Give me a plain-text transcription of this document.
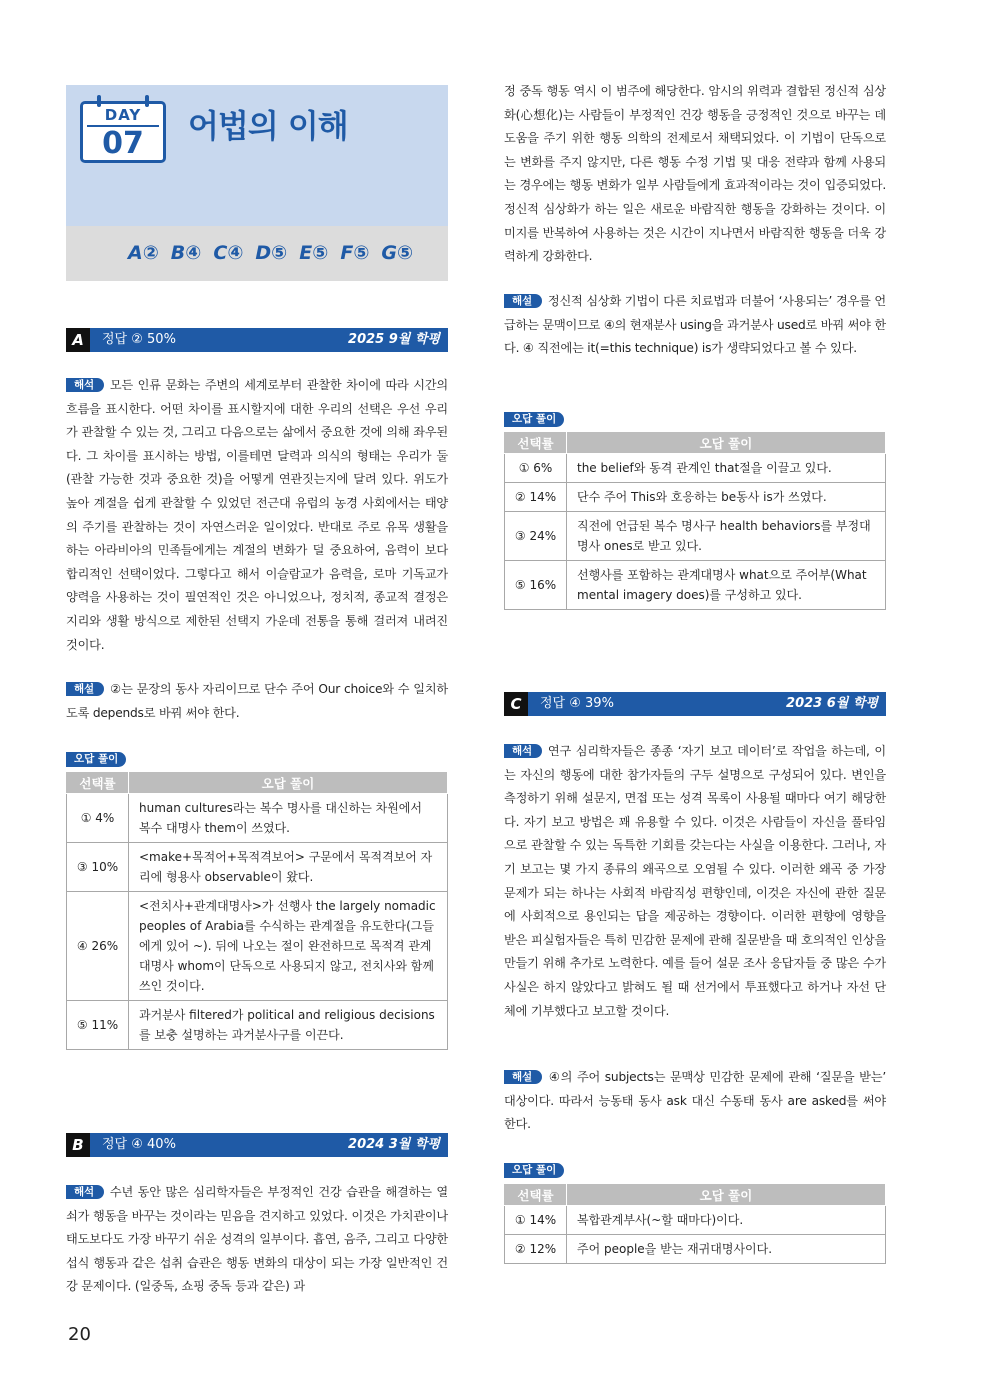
DAY
07	어법의 이해
A② B④ C④ D⑤ E⑤ F⑤ G⑤
A	정답 ② 50%	2025 9월 학평
해석 모든 인류 문화는 주변의 세계로부터 관찰한 차이에 따라 시간의 흐름을 표시한다. 어떤 차이를 표시할지에 대한 우리의 선택은 우선 우리가 관찰할 수 있는 것, 그리고 다음으로는 삶에서 중요한 것에 의해 좌우된다. 그 차이를 표시하는 방법, 이를테면 달력과 의식의 형태는 우리가 둘(관찰 가능한 것과 중요한 것)을 어떻게 연관짓는지에 달려 있다. 위도가 높아 계절을 쉽게 관찰할 수 있었던 전근대 유럽의 농경 사회에서는 태양의 주기를 관찰하는 것이 자연스러운 일이었다. 반대로 주로 유목 생활을 하는 아라비아의 민족들에게는 계절의 변화가 덜 중요하여, 음력이 보다 합리적인 선택이었다. 그렇다고 해서 이슬람교가 음력을, 로마 기독교가 양력을 사용하는 것이 필연적인 것은 아니었으나, 정치적, 종교적 결정은 지리와 생활 방식으로 제한된 선택지 가운데 전통을 통해 걸러져 내려진 것이다.
해설 ②는 문장의 동사 자리이므로 단수 주어 Our choice와 수 일치하도록 depends로 바꿔 써야 한다.
오답 풀이
선택률	오답 풀이
① 4%	human cultures라는 복수 명사를 대신하는 차원에서 복수 대명사 them이 쓰였다.
③ 10%	<make+목적어+목적격보어> 구문에서 목적격보어 자리에 형용사 observable이 왔다.
④ 26%	<전치사+관계대명사>가 선행사 the largely nomadic peoples of Arabia를 수식하는 관계절을 유도한다(그들에게 있어 ~). 뒤에 나오는 절이 완전하므로 목적격 관계대명사 whom이 단독으로 사용되지 않고, 전치사와 함께 쓰인 것이다.
⑤ 11%	과거분사 filtered가 political and religious decisions를 보충 설명하는 과거분사구를 이끈다.
B	정답 ④ 40%	2024 3월 학평
해석 수년 동안 많은 심리학자들은 부정적인 건강 습관을 해결하는 열쇠가 행동을 바꾸는 것이라는 믿음을 견지하고 있었다. 이것은 가치관이나 태도보다도 가장 바꾸기 쉬운 성격의 일부이다. 흡연, 음주, 그리고 다양한 섭식 행동과 같은 섭취 습관은 행동 변화의 대상이 되는 가장 일반적인 건강 문제이다. (일중독, 쇼핑 중독 등과 같은) 과
정 중독 행동 역시 이 범주에 해당한다. 암시의 위력과 결합된 정신적 심상화(心想化)는 사람들이 부정적인 건강 행동을 긍정적인 것으로 바꾸는 데 도움을 주기 위한 행동 의학의 전제로서 채택되었다. 이 기법이 단독으로는 변화를 주지 않지만, 다른 행동 수정 기법 및 대응 전략과 함께 사용되는 경우에는 행동 변화가 일부 사람들에게 효과적이라는 것이 입증되었다. 정신적 심상화가 하는 일은 새로운 바람직한 행동을 강화하는 것이다. 이미지를 반복하여 사용하는 것은 시간이 지나면서 바람직한 행동을 더욱 강력하게 강화한다.
해설 정신적 심상화 기법이 다른 치료법과 더불어 ‘사용되는’ 경우를 언급하는 문맥이므로 ④의 현재분사 using을 과거분사 used로 바꿔 써야 한다. ④ 직전에는 it(=this technique) is가 생략되었다고 볼 수 있다.
오답 풀이
선택률	오답 풀이
① 6%	the belief와 동격 관계인 that절을 이끌고 있다.
② 14%	단수 주어 This와 호응하는 be동사 is가 쓰였다.
③ 24%	직전에 언급된 복수 명사구 health behaviors를 부정대명사 ones로 받고 있다.
⑤ 16%	선행사를 포함하는 관계대명사 what으로 주어부(What mental imagery does)를 구성하고 있다.
C	정답 ④ 39%	2023 6월 학평
해석 연구 심리학자들은 종종 ‘자기 보고 데이터’로 작업을 하는데, 이는 자신의 행동에 대한 참가자들의 구두 설명으로 구성되어 있다. 변인을 측정하기 위해 설문지, 면접 또는 성격 목록이 사용될 때마다 여기 해당한다. 자기 보고 방법은 꽤 유용할 수 있다. 이것은 사람들이 자신을 풀타임으로 관찰할 수 있는 독특한 기회를 갖는다는 사실을 이용한다. 그러나, 자기 보고는 몇 가지 종류의 왜곡으로 오염될 수 있다. 이러한 왜곡 중 가장 문제가 되는 하나는 사회적 바람직성 편향인데, 이것은 자신에 관한 질문에 사회적으로 용인되는 답을 제공하는 경향이다. 이러한 편향에 영향을 받은 피실험자들은 특히 민감한 문제에 관해 질문받을 때 호의적인 인상을 만들기 위해 추가로 노력한다. 예를 들어 설문 조사 응답자들 중 많은 수가 사실은 하지 않았다고 밝혀도 될 때 선거에서 투표했다고 하거나 자선 단체에 기부했다고 보고할 것이다.
해설 ④의 주어 subjects는 문맥상 민감한 문제에 관해 ‘질문을 받는’ 대상이다. 따라서 능동태 동사 ask 대신 수동태 동사 are asked를 써야 한다.
오답 풀이
선택률	오답 풀이
① 14%	복합관계부사(~할 때마다)이다.
② 12%	주어 people을 받는 재귀대명사이다.
20
